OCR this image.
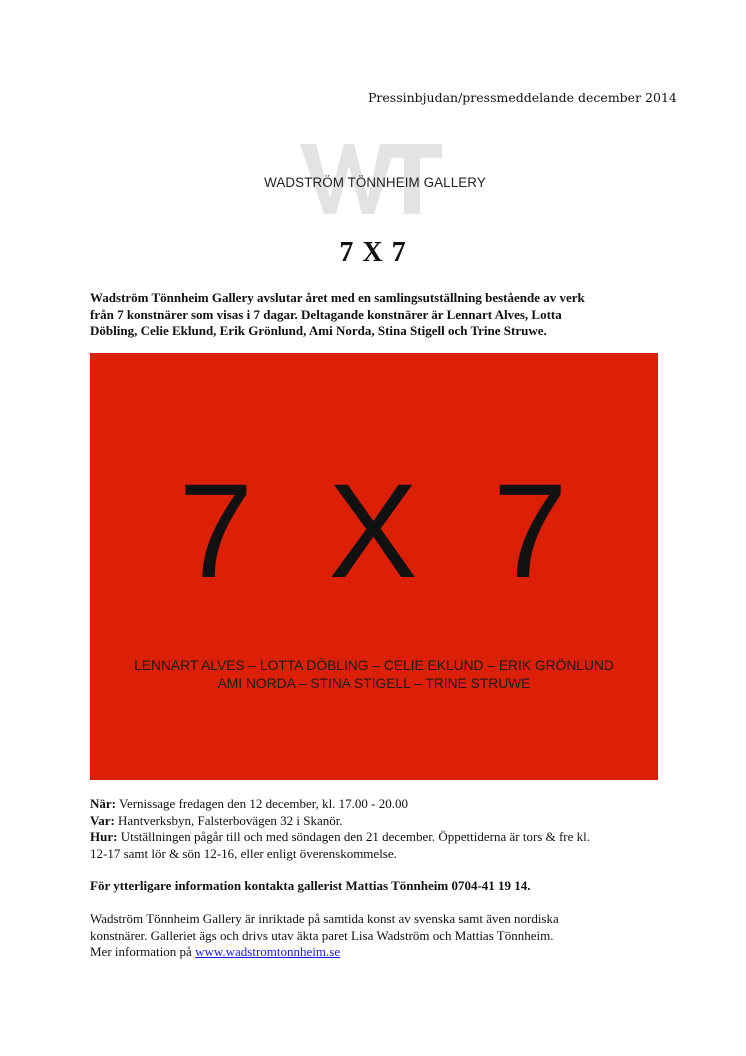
Pressinbjudan/pressmeddelande december 2014
WADSTRÖM TÖNNHEIM GALLERY
7 X 7
Wadström Tönnheim Gallery avslutar året med en samlingsutställning bestående av verk
från 7 konstnärer som visas i 7 dagar. Deltagande konstnärer är Lennart Alves, Lotta
Döbling, Celie Eklund, Erik Grönlund, Ami Norda, Stina Stigell och Trine Struwe.
7 X 7
LENNART ALVES – LOTTA DÖBLING – CELIE EKLUND – ERIK GRÖNLUND
AMI NORDA – STINA STIGELL – TRINE STRUWE
När: Vernissage fredagen den 12 december, kl. 17.00 - 20.00
Var: Hantverksbyn, Falsterbovägen 32 i Skanör.
Hur: Utställningen pågår till och med söndagen den 21 december. Öppettiderna är tors & fre kl.
12-17 samt lör & sön 12-16, eller enligt överenskommelse.
För ytterligare information kontakta gallerist Mattias Tönnheim 0704-41 19 14.
Wadström Tönnheim Gallery är inriktade på samtida konst av svenska samt även nordiska
konstnärer. Galleriet ägs och drivs utav äkta paret Lisa Wadström och Mattias Tönnheim.
Mer information på www.wadstromtonnheim.se
